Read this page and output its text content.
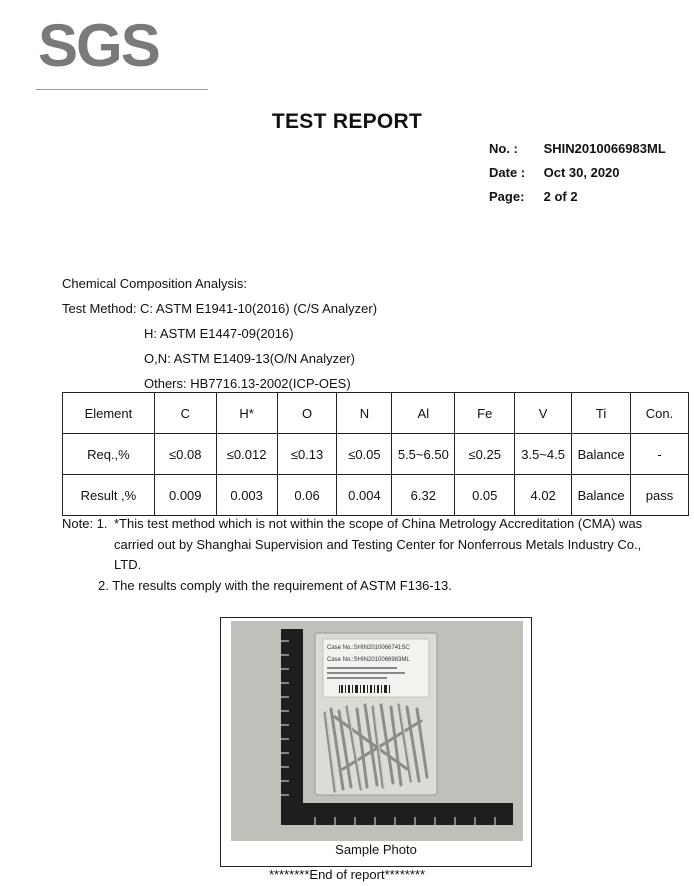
SGS
TEST REPORT
No. : SHIN2010066983ML
Date : Oct 30, 2020
Page: 2 of 2
Chemical Composition Analysis:
Test Method: C: ASTM E1941-10(2016) (C/S Analyzer)
H: ASTM E1447-09(2016)
O,N: ASTM E1409-13(O/N Analyzer)
Others: HB7716.13-2002(ICP-OES)
Element	C	H*	O	N	Al	Fe	V	Ti	Con.
Req.,%	≤0.08	≤0.012	≤0.13	≤0.05	5.5~6.50	≤0.25	3.5~4.5	Balance	-
Result ,%	0.009	0.003	0.06	0.004	6.32	0.05	4.02	Balance	pass
Note: 1. *This test method which is not within the scope of China Metrology Accreditation (CMA) was
carried out by Shanghai Supervision and Testing Center for Nonferrous Metals Industry Co.,
LTD.
2. The results comply with the requirement of ASTM F136-13.
Case No.:SHIN2010066741SC
Case No.:SHIN2010066983ML
Sample Photo
********End of report********
